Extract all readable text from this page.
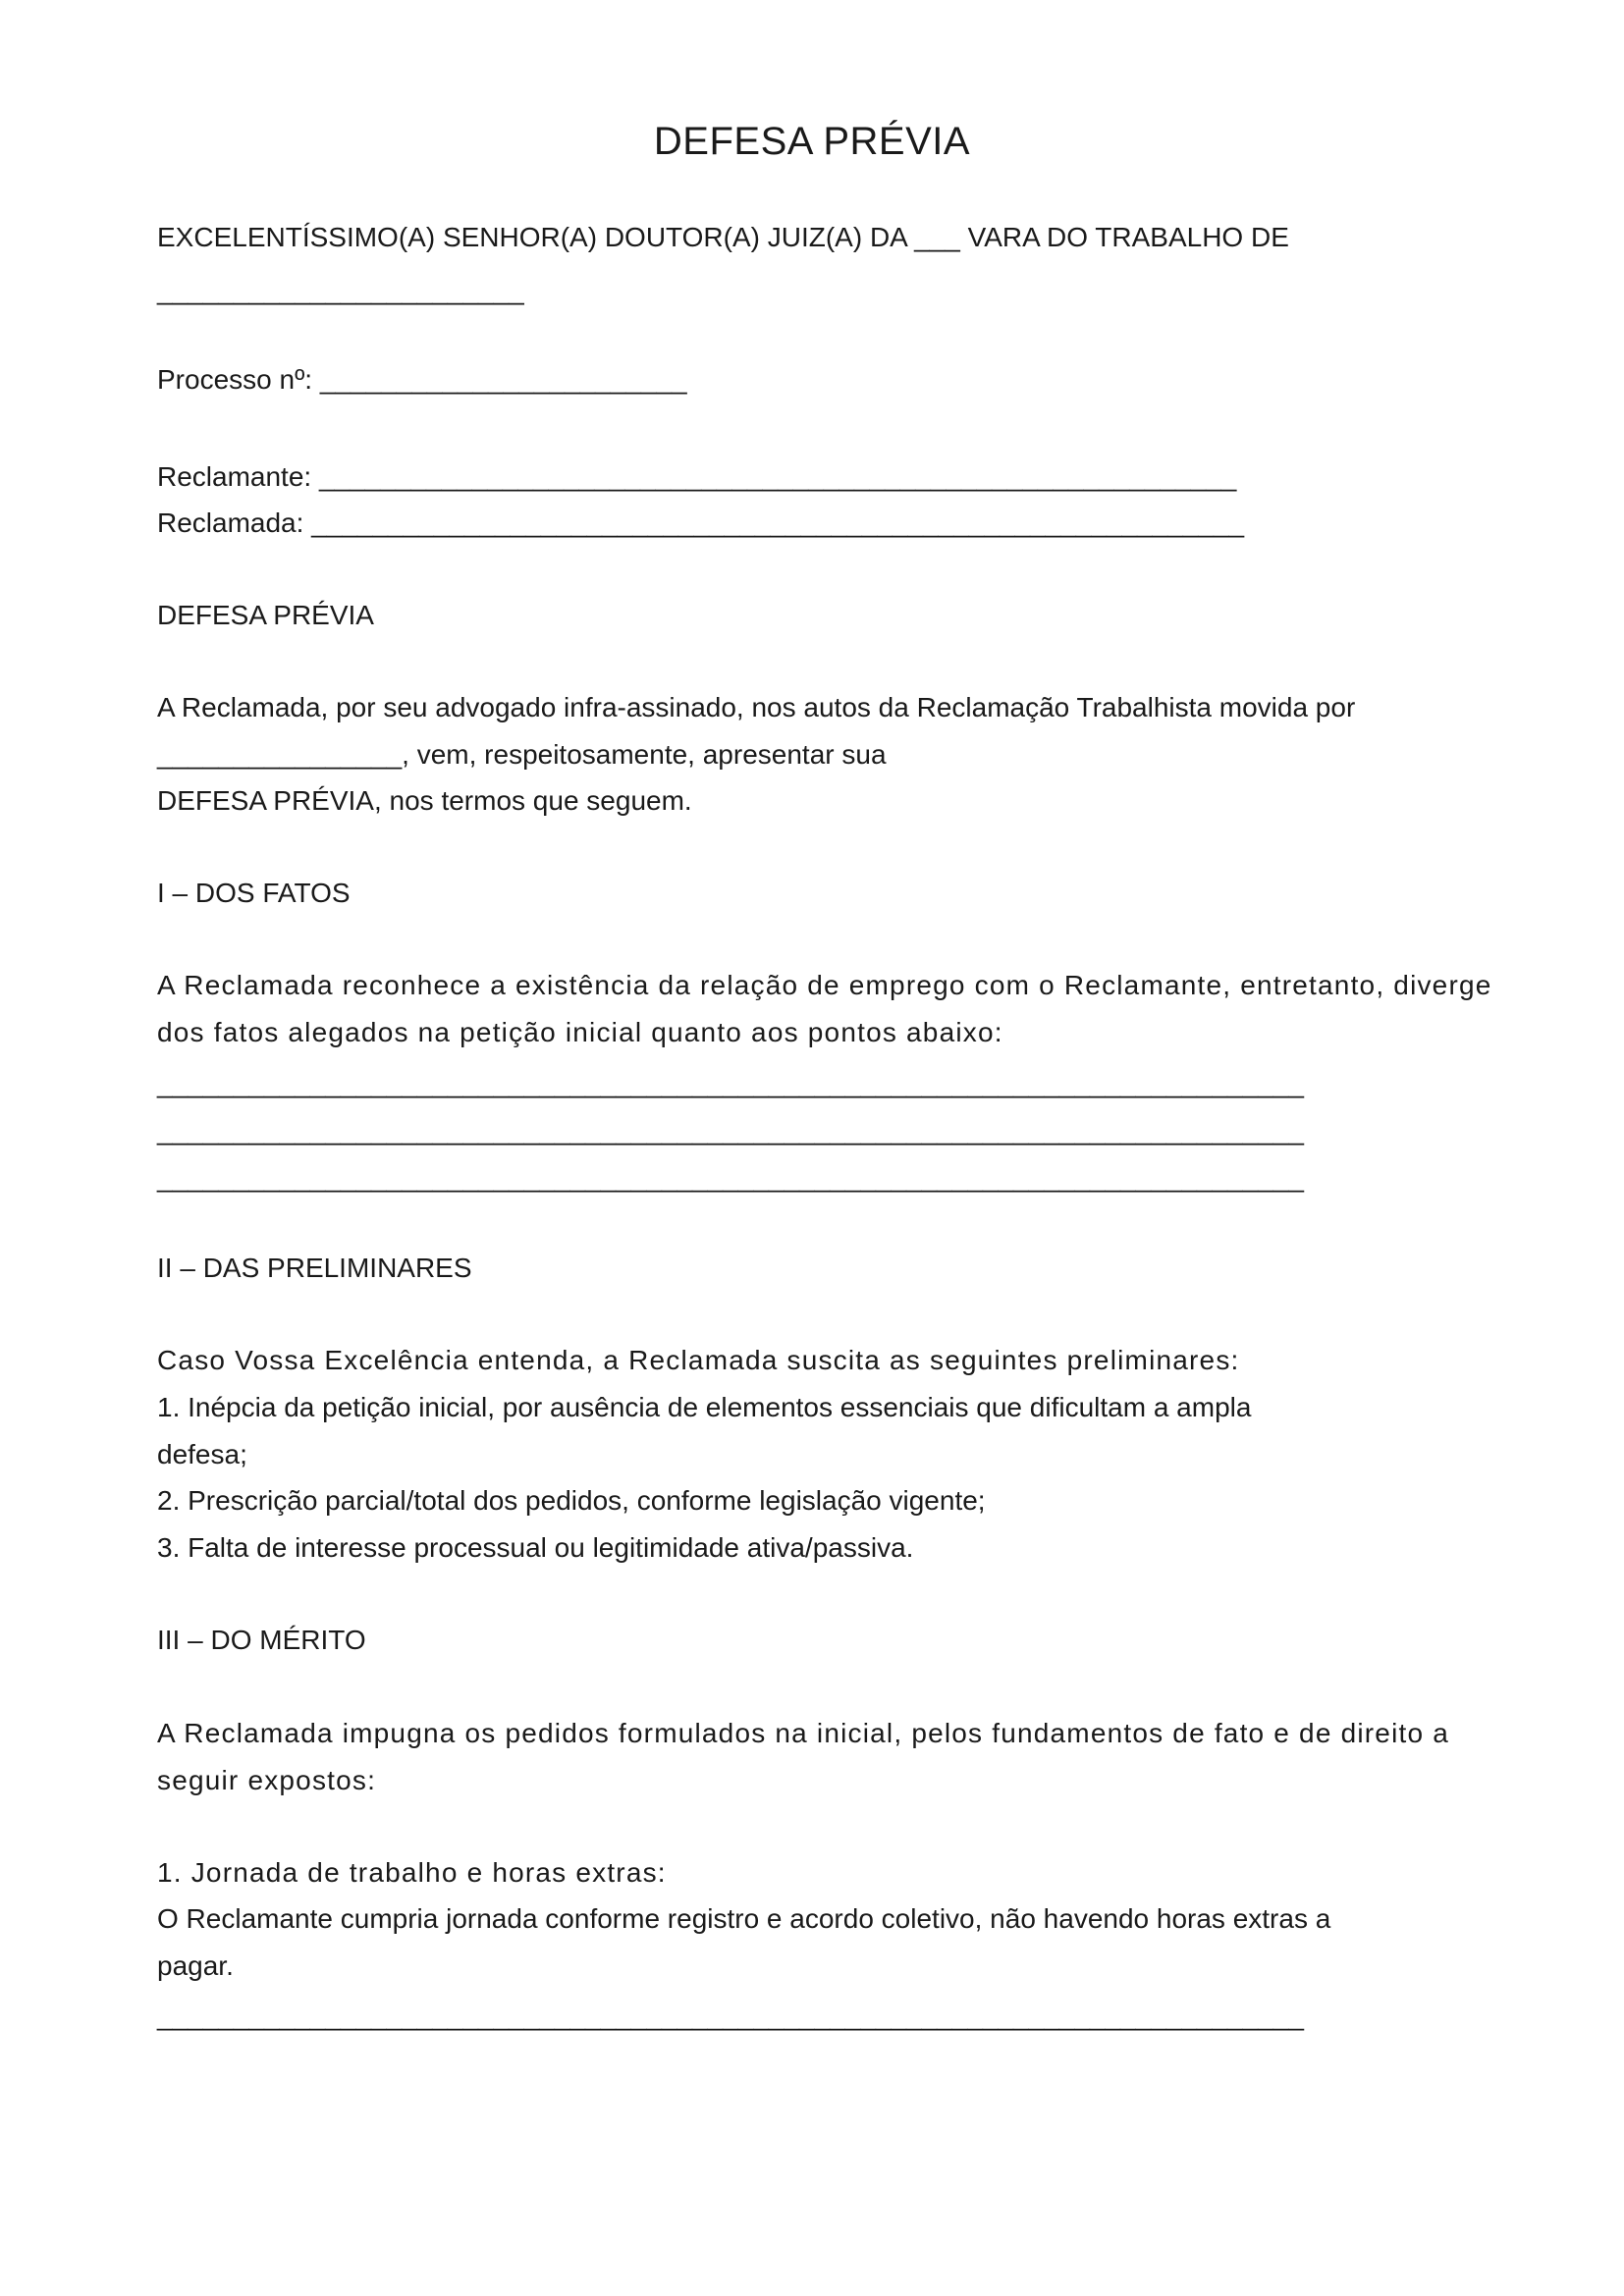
DEFESA PRÉVIA
EXCELENTÍSSIMO(A) SENHOR(A) DOUTOR(A) JUIZ(A) DA ___ VARA DO TRABALHO DE
________________________
Processo nº: ________________________
Reclamante: ____________________________________________________________
Reclamada: _____________________________________________________________
DEFESA PRÉVIA
A Reclamada, por seu advogado infra-assinado, nos autos da Reclamação Trabalhista movida por
________________, vem, respeitosamente, apresentar sua
DEFESA PRÉVIA, nos termos que seguem.
I – DOS FATOS
A Reclamada reconhece a existência da relação de emprego com o Reclamante, entretanto, diverge
dos fatos alegados na petição inicial quanto aos pontos abaixo:
___________________________________________________________________________
___________________________________________________________________________
___________________________________________________________________________
II – DAS PRELIMINARES
Caso Vossa Excelência entenda, a Reclamada suscita as seguintes preliminares:
1. Inépcia da petição inicial, por ausência de elementos essenciais que dificultam a ampla
defesa;
2. Prescrição parcial/total dos pedidos, conforme legislação vigente;
3. Falta de interesse processual ou legitimidade ativa/passiva.
III – DO MÉRITO
A Reclamada impugna os pedidos formulados na inicial, pelos fundamentos de fato e de direito a
seguir expostos:
1. Jornada de trabalho e horas extras:
O Reclamante cumpria jornada conforme registro e acordo coletivo, não havendo horas extras a
pagar.
___________________________________________________________________________
